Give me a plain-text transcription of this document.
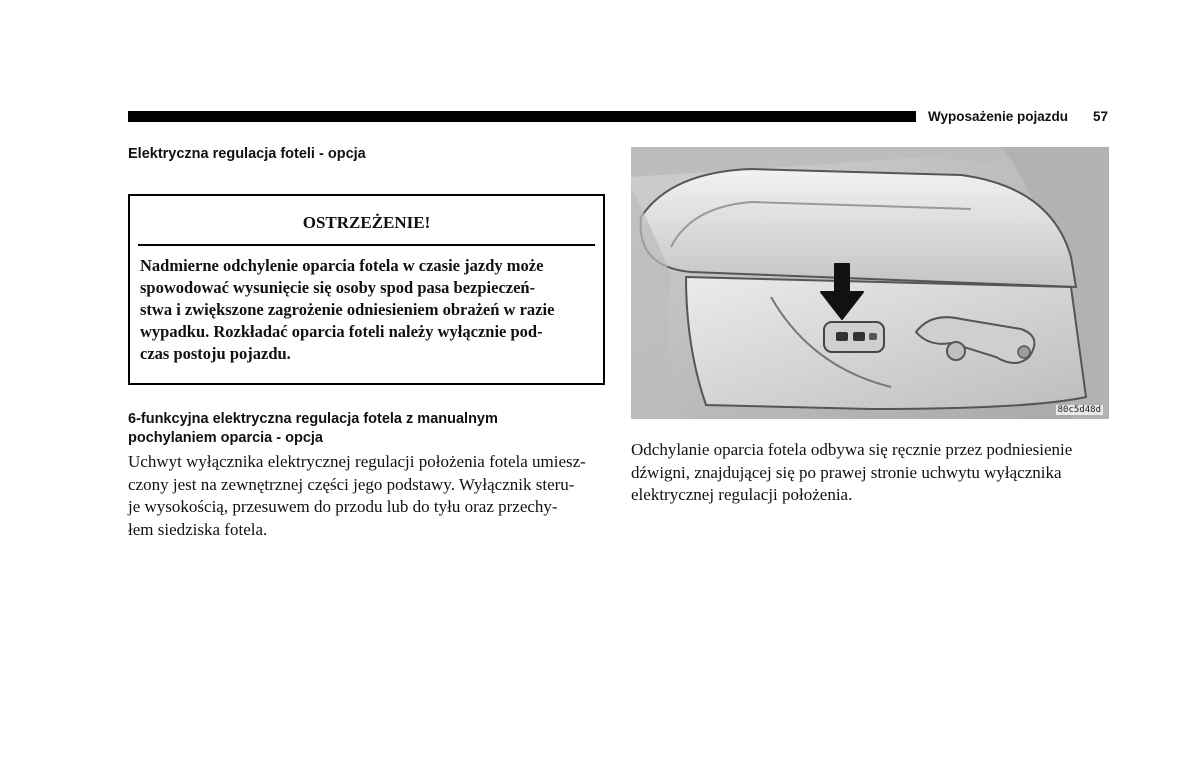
Wyposażenie pojazdu 57
Elektryczna regulacja foteli - opcja
OSTRZEŻENIE!

Nadmierne odchylenie oparcia fotela w czasie jazdy może
spowodować wysunięcie się osoby spod pasa bezpieczeń-
stwa i zwiększone zagrożenie odniesieniem obrażeń w razie
wypadku. Rozkładać oparcia foteli należy wyłącznie pod-
czas postoju pojazdu.

6-funkcyjna elektryczna regulacja fotela z manualnym
pochylaniem oparcia - opcja

Uchwyt wyłącznika elektrycznej regulacji położenia fotela umiesz-
czony jest na zewnętrznej części jego podstawy. Wyłącznik steru-
je wysokością, przesuwem do przodu lub do tyłu oraz przechy-
łem siedziska fotela.

80c5d48d

Odchylanie oparcia fotela odbywa się ręcznie przez podniesienie
dźwigni, znajdującej się po prawej stronie uchwytu wyłącznika
elektrycznej regulacji położenia.
